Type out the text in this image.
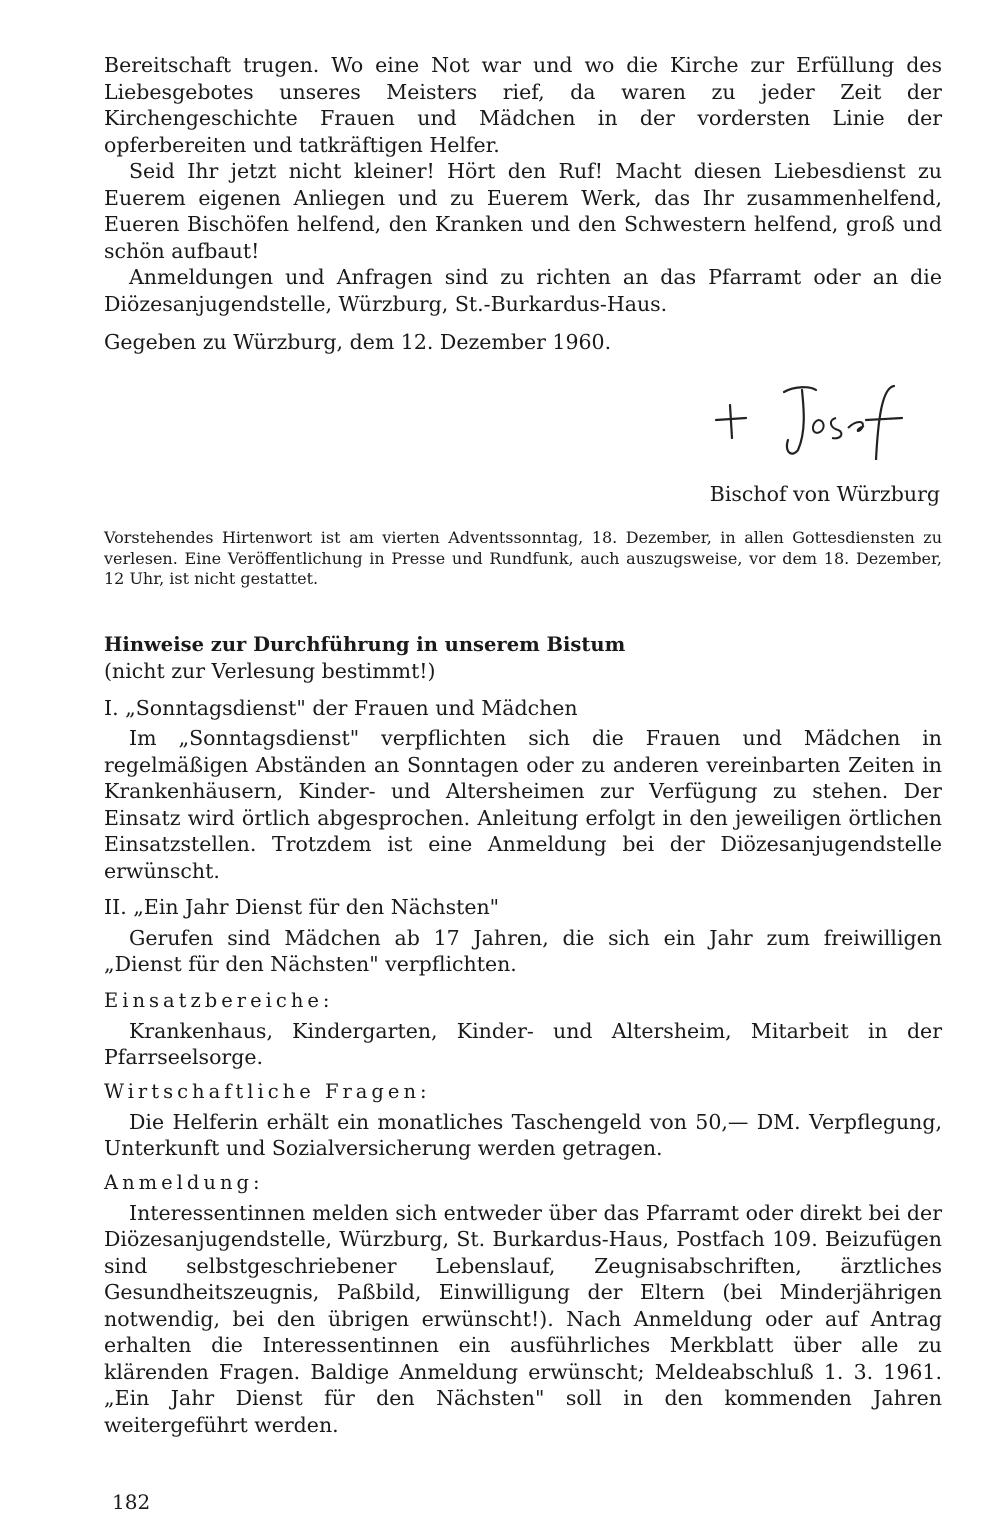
Bereitschaft trugen. Wo eine Not war und wo die Kirche zur Erfüllung des Liebesgebotes unseres Meisters rief, da waren zu jeder Zeit der Kirchengeschichte Frauen und Mädchen in der vordersten Linie der opferbereiten und tatkräftigen Helfer.

Seid Ihr jetzt nicht kleiner! Hört den Ruf! Macht diesen Liebesdienst zu Euerem eigenen Anliegen und zu Euerem Werk, das Ihr zusammenhelfend, Eueren Bischöfen helfend, den Kranken und den Schwestern helfend, groß und schön aufbaut!

Anmeldungen und Anfragen sind zu richten an das Pfarramt oder an die Diözesanjugendstelle, Würzburg, St.-Burkardus-Haus.

Gegeben zu Würzburg, dem 12. Dezember 1960.

Bischof von Würzburg

Vorstehendes Hirtenwort ist am vierten Adventssonntag, 18. Dezember, in allen Gottesdiensten zu verlesen. Eine Veröffentlichung in Presse und Rundfunk, auch auszugsweise, vor dem 18. Dezember, 12 Uhr, ist nicht gestattet.

Hinweise zur Durchführung in unserem Bistum

(nicht zur Verlesung bestimmt!)

I. „Sonntagsdienst" der Frauen und Mädchen

Im „Sonntagsdienst" verpflichten sich die Frauen und Mädchen in regelmäßigen Abständen an Sonntagen oder zu anderen vereinbarten Zeiten in Krankenhäusern, Kinder- und Altersheimen zur Verfügung zu stehen. Der Einsatz wird örtlich abgesprochen. Anleitung erfolgt in den jeweiligen örtlichen Einsatzstellen. Trotzdem ist eine Anmeldung bei der Diözesanjugendstelle erwünscht.

II. „Ein Jahr Dienst für den Nächsten"

Gerufen sind Mädchen ab 17 Jahren, die sich ein Jahr zum freiwilligen „Dienst für den Nächsten" verpflichten.

Einsatzbereiche:

Krankenhaus, Kindergarten, Kinder- und Altersheim, Mitarbeit in der Pfarrseelsorge.

Wirtschaftliche Fragen:

Die Helferin erhält ein monatliches Taschengeld von 50,— DM. Verpflegung, Unterkunft und Sozialversicherung werden getragen.

Anmeldung:

Interessentinnen melden sich entweder über das Pfarramt oder direkt bei der Diözesanjugendstelle, Würzburg, St. Burkardus-Haus, Postfach 109. Beizufügen sind selbstgeschriebener Lebenslauf, Zeugnisabschriften, ärztliches Gesundheitszeugnis, Paßbild, Einwilligung der Eltern (bei Minderjährigen notwendig, bei den übrigen erwünscht!). Nach Anmeldung oder auf Antrag erhalten die Interessentinnen ein ausführliches Merkblatt über alle zu klärenden Fragen. Baldige Anmeldung erwünscht; Meldeabschluß 1. 3. 1961. „Ein Jahr Dienst für den Nächsten" soll in den kommenden Jahren weitergeführt werden.

182
